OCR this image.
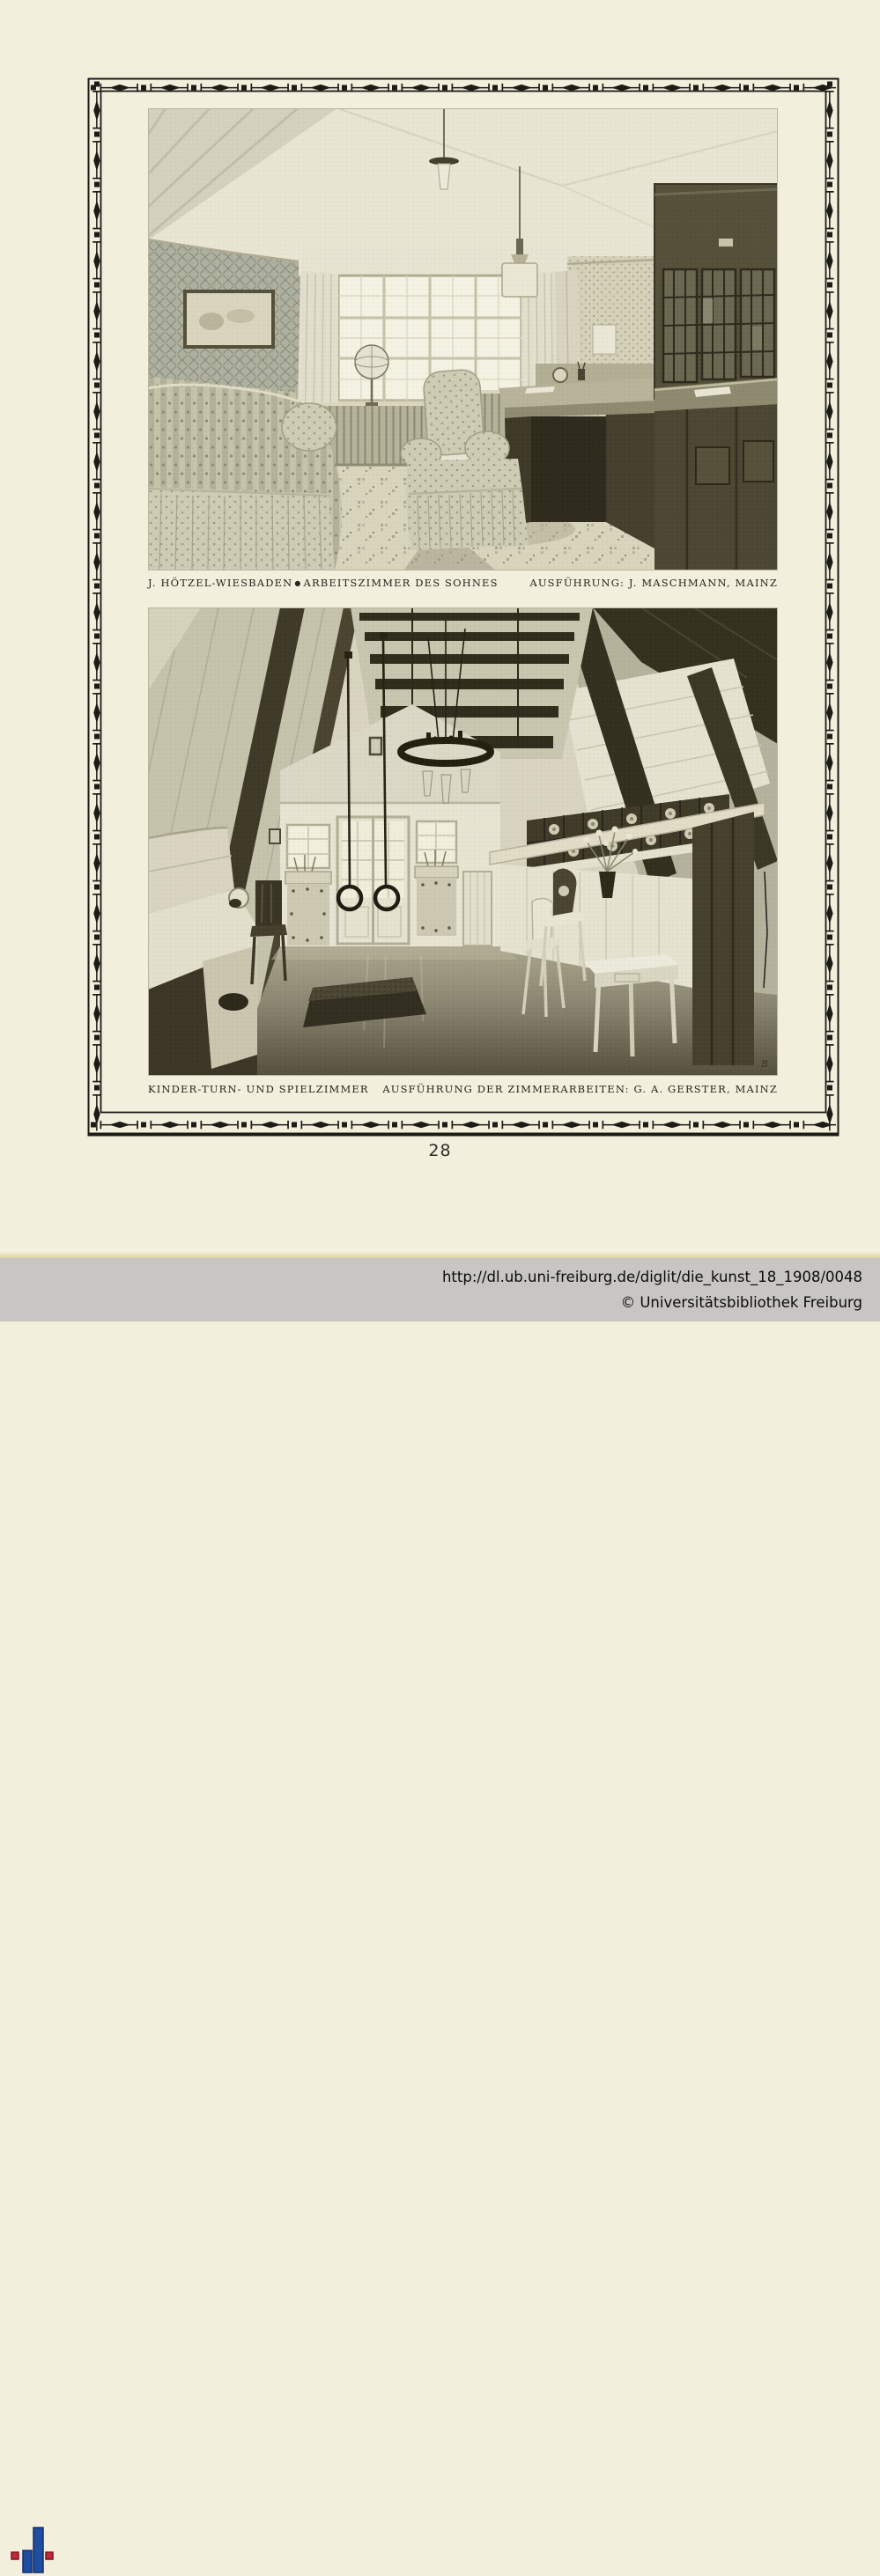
J. HÖTZEL-WIESBADEN ● ARBEITSZIMMER DES SOHNES	AUSFÜHRUNG: J. MASCHMANN, MAINZ
KINDER-TURN- UND SPIELZIMMER AUSFÜHRUNG DER ZIMMERARBEITEN: G. A. GERSTER, MAINZ
28
http://dl.ub.uni-freiburg.de/diglit/die_kunst_18_1908/0048
© Universitätsbibliothek Freiburg
